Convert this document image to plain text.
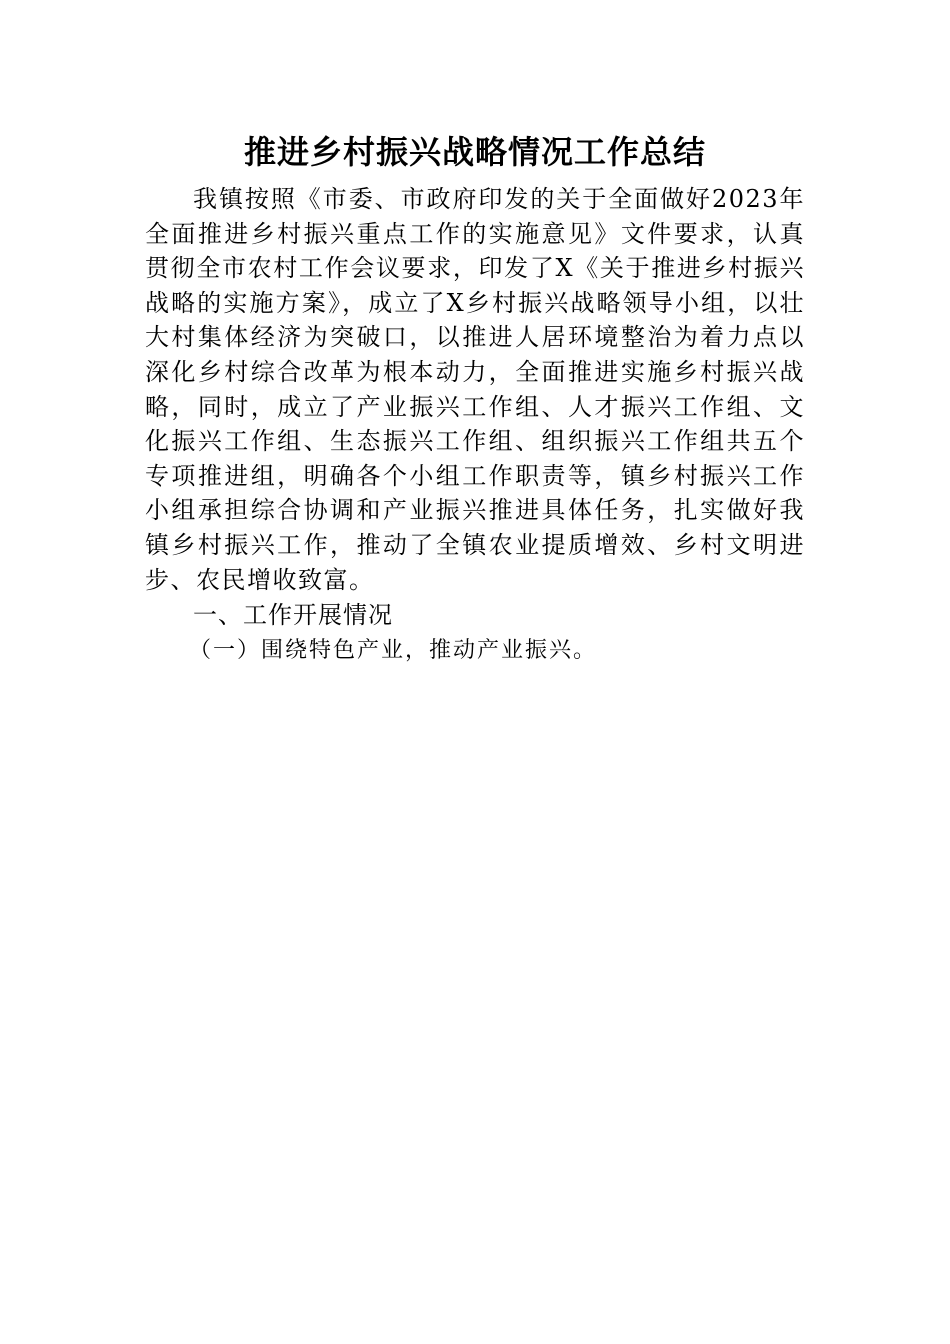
推进乡村振兴战略情况工作总结

我镇按照《市委、市政府印发的关于全面做好2023年全面推进乡村振兴重点工作的实施意见》文件要求，认真贯彻全市农村工作会议要求，印发了X《关于推进乡村振兴战略的实施方案》，成立了X乡村振兴战略领导小组，以壮大村集体经济为突破口，以推进人居环境整治为着力点以深化乡村综合改革为根本动力，全面推进实施乡村振兴战略，同时，成立了产业振兴工作组、人才振兴工作组、文化振兴工作组、生态振兴工作组、组织振兴工作组共五个专项推进组，明确各个小组工作职责等，镇乡村振兴工作小组承担综合协调和产业振兴推进具体任务，扎实做好我镇乡村振兴工作，推动了全镇农业提质增效、乡村文明进步、农民增收致富。

一、工作开展情况

（一）围绕特色产业，推动产业振兴。
